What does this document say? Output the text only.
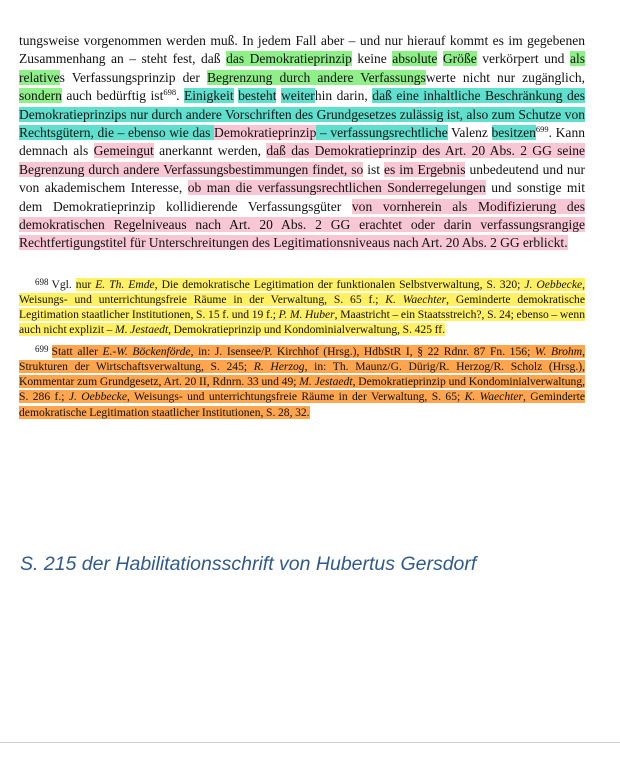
tungsweise vorgenommen werden muß. In jedem Fall aber – und nur hierauf kommt es im gegebenen Zusammenhang an – steht fest, daß das Demokratieprinzip keine absolute Größe verkörpert und als relatives Verfassungsprinzip der Begrenzung durch andere Verfassungswerte nicht nur zugänglich, sondern auch bedürftig ist$^{698}$. Einigkeit besteht weiterhin darin, daß eine inhaltliche Beschränkung des Demokratieprinzips nur durch andere Vorschriften des Grundgesetzes zulässig ist, also zum Schutze von Rechtsgütern, die – ebenso wie das Demokratieprinzip – verfassungsrechtliche Valenz besitzen$^{699}$. Kann demnach als Gemeingut anerkannt werden, daß das Demokratieprinzip des Art. 20 Abs. 2 GG seine Begrenzung durch andere Verfassungsbestimmungen findet, so ist es im Ergebnis unbedeutend und nur von akademischem Interesse, ob man die verfassungsrechtlichen Sonderregelungen und sonstige mit dem Demokratieprinzip kollidierende Verfassungsgüter von vornherein als Modifizierung des demokratischen Regelniveaus nach Art. 20 Abs. 2 GG erachtet oder darin verfassungsrangige Rechtfertigungstitel für Unterschreitungen des Legitimationsniveaus nach Art. 20 Abs. 2 GG erblickt.

$^{698}$ Vgl. nur E. Th. Emde, Die demokratische Legitimation der funktionalen Selbstverwaltung, S. 320; J. Oebbecke, Weisungs- und unterrichtungsfreie Räume in der Verwaltung, S. 65 f.; K. Waechter, Geminderte demokratische Legitimation staatlicher Institutionen, S. 15 f. und 19 f.; P. M. Huber, Maastricht – ein Staatsstreich?, S. 24; ebenso – wenn auch nicht explizit – M. Jestaedt, Demokratieprinzip und Kondominialverwaltung, S. 425 ff.

$^{699}$ Statt aller E.-W. Böckenförde, in: J. Isensee/P. Kirchhof (Hrsg.), HdbStR I, § 22 Rdnr. 87 Fn. 156; W. Brohm, Strukturen der Wirtschaftsverwaltung, S. 245; R. Herzog, in: Th. Maunz/G. Dürig/R. Herzog/R. Scholz (Hrsg.), Kommentar zum Grundgesetz, Art. 20 II, Rdnrn. 33 und 49; M. Jestaedt, Demokratieprinzip und Kondominialverwaltung, S. 286 f.; J. Oebbecke, Weisungs- und unterrichtungsfreie Räume in der Verwaltung, S. 65; K. Waechter, Geminderte demokratische Legitimation staatlicher Institutionen, S. 28, 32.

S. 215 der Habilitationsschrift von Hubertus Gersdorf
